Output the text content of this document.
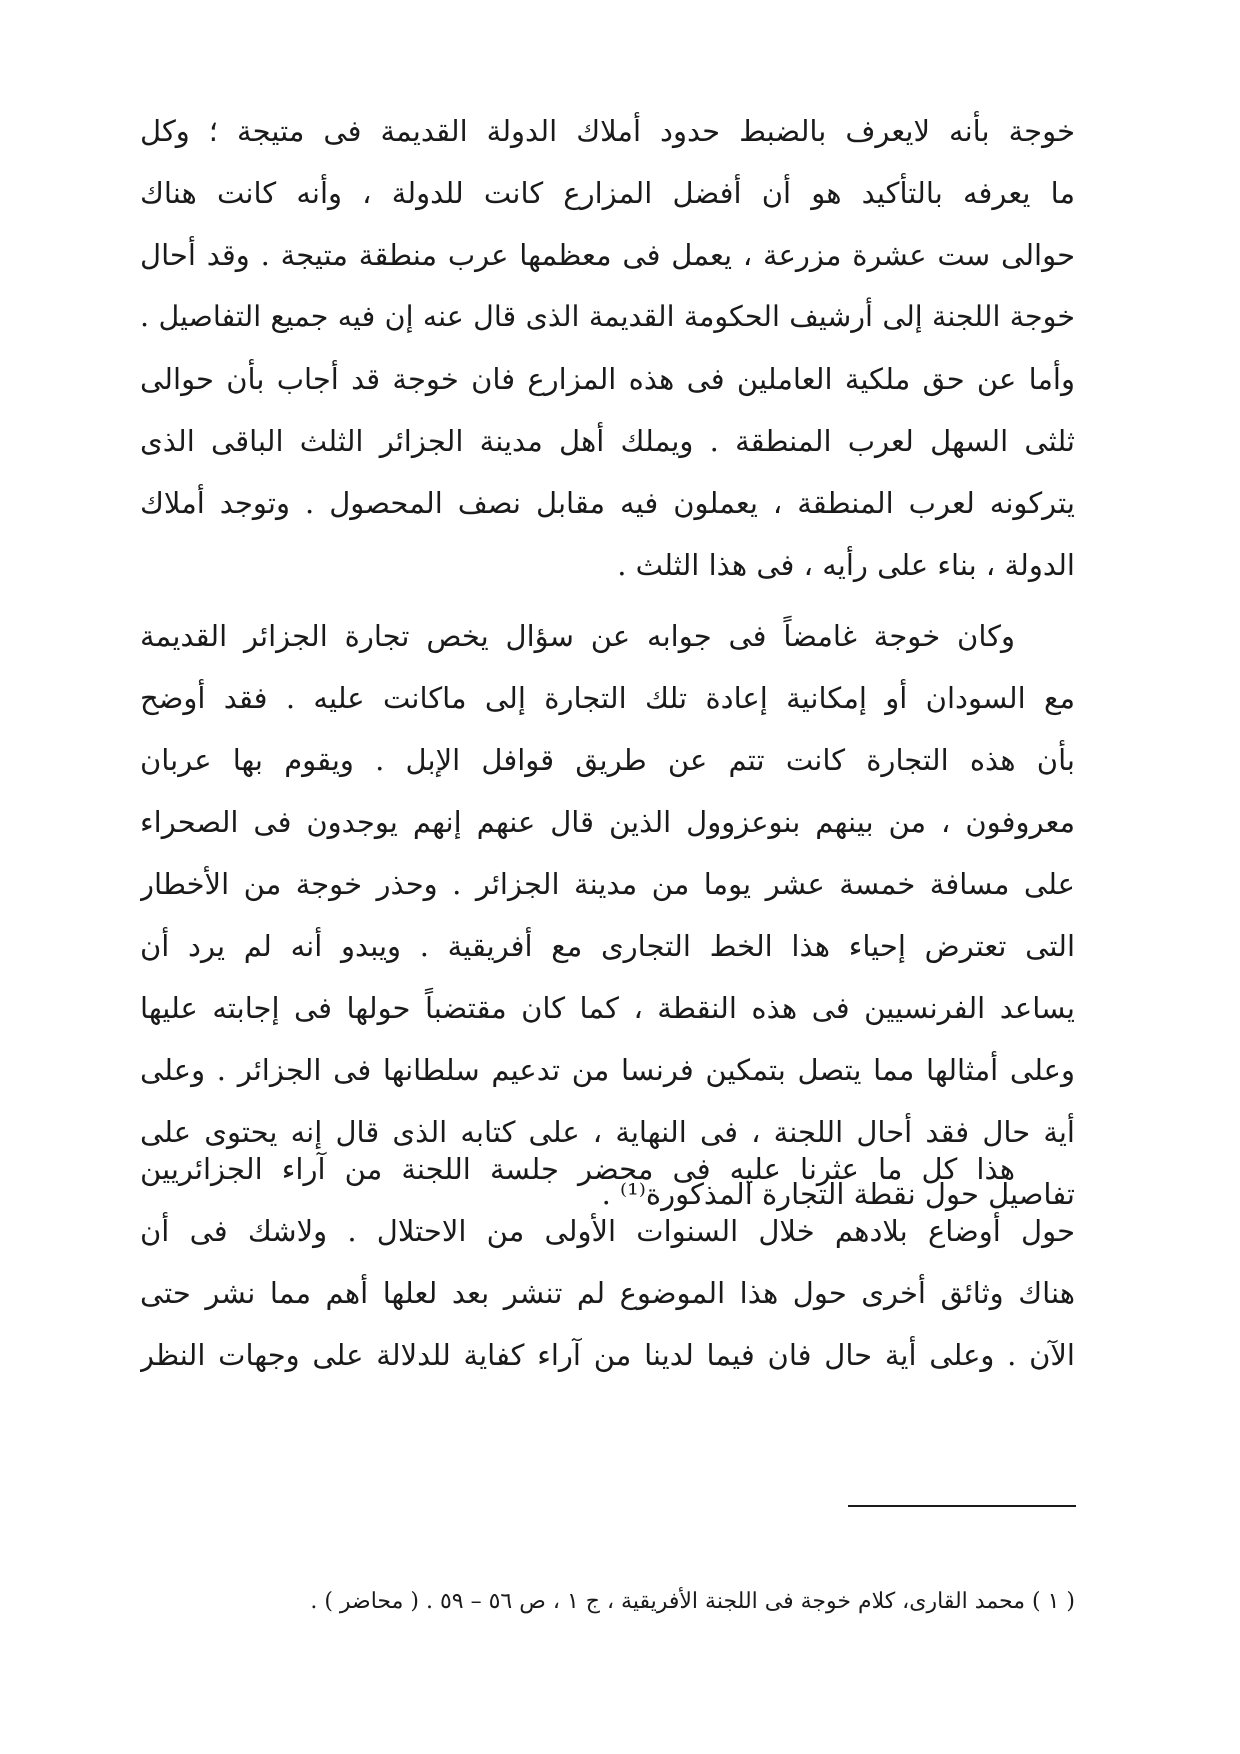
خوجة بأنه لايعرف بالضبط حدود أملاك الدولة القديمة فى متيجة ؛ وكل
ما يعرفه بالتأكيد هو أن أفضل المزارع كانت للدولة ، وأنه كانت هناك
حوالى ست عشرة مزرعة ، يعمل فى معظمها عرب منطقة متيجة . وقد أحال
خوجة اللجنة إلى أرشيف الحكومة القديمة الذى قال عنه إن فيه جميع التفاصيل .
وأما عن حق ملكية العاملين فى هذه المزارع فان خوجة قد أجاب بأن حوالى
ثلثى السهل لعرب المنطقة . ويملك أهل مدينة الجزائر الثلث الباقى الذى
يتركونه لعرب المنطقة ، يعملون فيه مقابل نصف المحصول . وتوجد أملاك
الدولة ، بناء على رأيه ، فى هذا الثلث .
وكان خوجة غامضاً فى جوابه عن سؤال يخص تجارة الجزائر القديمة
مع السودان أو إمكانية إعادة تلك التجارة إلى ماكانت عليه . فقد أوضح
بأن هذه التجارة كانت تتم عن طريق قوافل الإبل . ويقوم بها عربان
معروفون ، من بينهم بنوعزوول الذين قال عنهم إنهم يوجدون فى الصحراء
على مسافة خمسة عشر يوما من مدينة الجزائر . وحذر خوجة من الأخطار
التى تعترض إحياء هذا الخط التجارى مع أفريقية . ويبدو أنه لم يرد أن
يساعد الفرنسيين فى هذه النقطة ، كما كان مقتضباً حولها فى إجابته عليها
وعلى أمثالها مما يتصل بتمكين فرنسا من تدعيم سلطانها فى الجزائر . وعلى
أية حال فقد أحال اللجنة ، فى النهاية ، على كتابه الذى قال إنه يحتوى على
تفاصيل حول نقطة التجارة المذكورة⁽¹⁾ .
هذا كل ما عثرنا عليه فى محضر جلسة اللجنة من آراء الجزائريين
حول أوضاع بلادهم خلال السنوات الأولى من الاحتلال . ولاشك فى أن
هناك وثائق أخرى حول هذا الموضوع لم تنشر بعد لعلها أهم مما نشر حتى
الآن . وعلى أية حال فان فيما لدينا من آراء كفاية للدلالة على وجهات النظر
( ١ ) محمد القارى، كلام خوجة فى اللجنة الأفريقية ، ج ١ ، ص ٥٦ – ٥٩ . ( محاضر ) .
